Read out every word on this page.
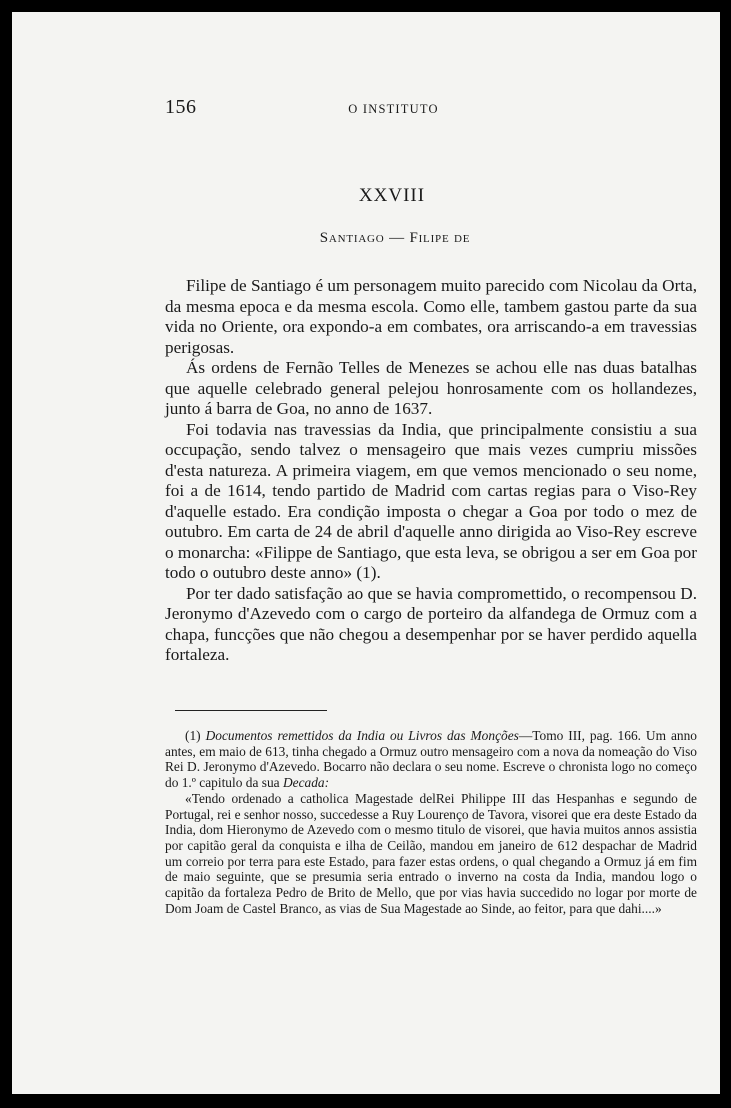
156	O INSTITUTO
XXVIII
Santiago — Filipe de

Filipe de Santiago é um personagem muito parecido com Nicolau da Orta, da mesma epoca e da mesma escola. Como elle, tambem gastou parte da sua vida no Oriente, ora expondo-a em combates, ora arriscando-a em travessias perigosas.

Ás ordens de Fernão Telles de Menezes se achou elle nas duas batalhas que aquelle celebrado general pelejou honrosamente com os hollandezes, junto á barra de Goa, no anno de 1637.

Foi todavia nas travessias da India, que principalmente consistiu a sua occupação, sendo talvez o mensageiro que mais vezes cumpriu missões d'esta natureza. A primeira viagem, em que vemos mencionado o seu nome, foi a de 1614, tendo partido de Madrid com cartas regias para o Viso-Rey d'aquelle estado. Era condição imposta o chegar a Goa por todo o mez de outubro. Em carta de 24 de abril d'aquelle anno dirigida ao Viso-Rey escreve o monarcha: «Filippe de Santiago, que esta leva, se obrigou a ser em Goa por todo o outubro deste anno» (1).

Por ter dado satisfação ao que se havia compromettido, o recompensou D. Jeronymo d'Azevedo com o cargo de porteiro da alfandega de Ormuz com a chapa, funcções que não chegou a desempenhar por se haver perdido aquella fortaleza.

(1) Documentos remettidos da India ou Livros das Monções—Tomo III, pag. 166. Um anno antes, em maio de 613, tinha chegado a Ormuz outro mensageiro com a nova da nomeação do Viso Rei D. Jeronymo d'Azevedo. Bocarro não declara o seu nome. Escreve o chronista logo no começo do 1.º capitulo da sua Decada:

«Tendo ordenado a catholica Magestade delRei Philippe III das Hespanhas e segundo de Portugal, rei e senhor nosso, succedesse a Ruy Lourenço de Tavora, visorei que era deste Estado da India, dom Hieronymo de Azevedo com o mesmo titulo de visorei, que havia muitos annos assistia por capitão geral da conquista e ilha de Ceilão, mandou em janeiro de 612 despachar de Madrid um correio por terra para este Estado, para fazer estas ordens, o qual chegando a Ormuz já em fim de maio seguinte, que se presumia seria entrado o inverno na costa da India, mandou logo o capitão da fortaleza Pedro de Brito de Mello, que por vias havia succedido no logar por morte de Dom Joam de Castel Branco, as vias de Sua Magestade ao Sinde, ao feitor, para que dahi....»
